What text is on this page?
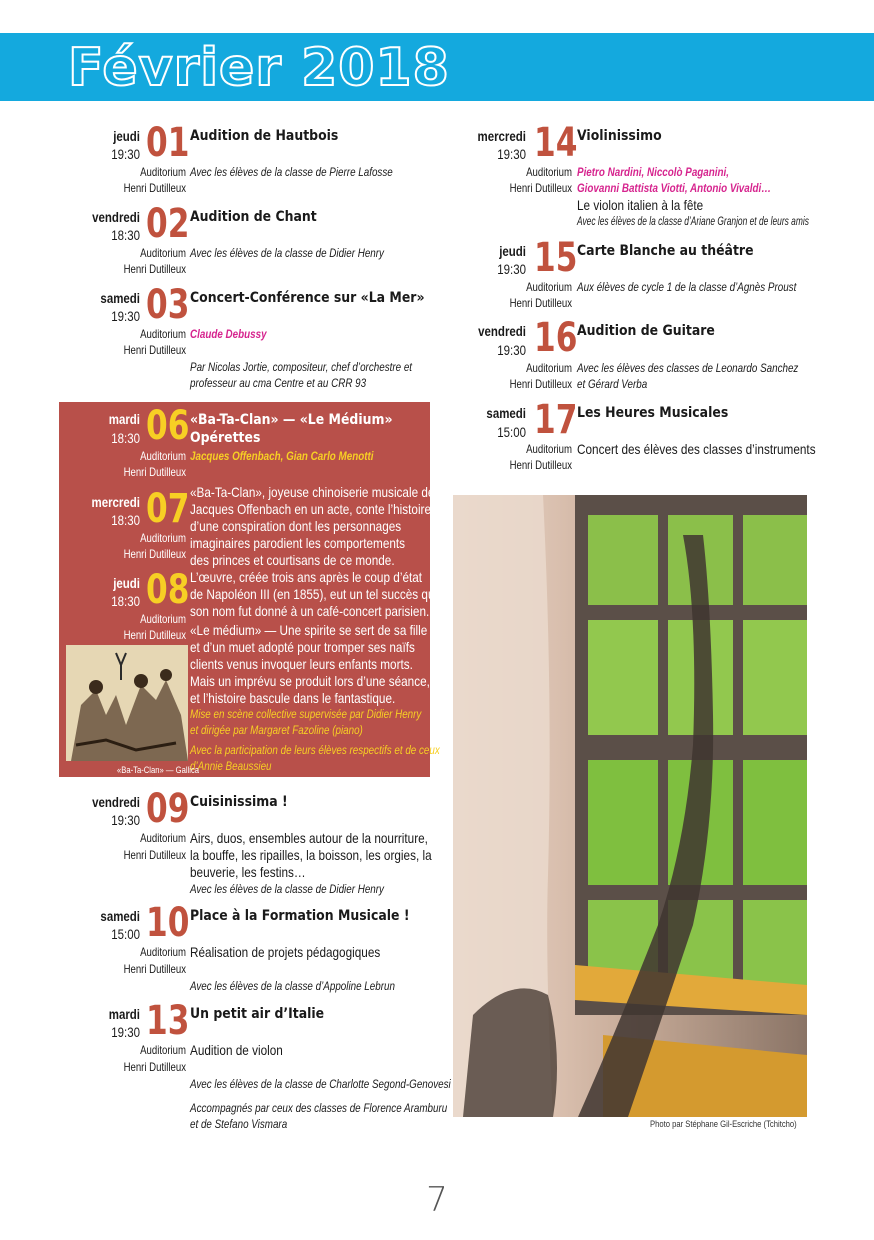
Février 2018
jeudi
19:30 01 Audition de Hautbois
Auditorium
Henri Dutilleux
Avec les élèves de la classe de Pierre Lafosse
vendredi
18:30 02 Audition de Chant
Auditorium
Henri Dutilleux
Avec les élèves de la classe de Didier Henry
samedi
19:30 03 Concert-Conférence sur «La Mer»
Auditorium
Henri Dutilleux
Claude Debussy
Par Nicolas Jortie, compositeur, chef d’orchestre et
professeur au cma Centre et au CRR 93
mardi
18:30 06 «Ba-Ta-Clan» — «Le Médium»
Opérettes
Auditorium
Henri Dutilleux
Jacques Offenbach, Gian Carlo Menotti
mercredi
18:30 07
Auditorium
Henri Dutilleux
jeudi
18:30 08
Auditorium
Henri Dutilleux
«Ba-Ta-Clan», joyeuse chinoiserie musicale de
Jacques Offenbach en un acte, conte l’histoire
d’une conspiration dont les personnages
imaginaires parodient les comportements
des princes et courtisans de ce monde.
L’œuvre, créée trois ans après le coup d’état
de Napoléon III (en 1855), eut un tel succès que
son nom fut donné à un café-concert parisien.
«Le médium» — Une spirite se sert de sa fille
et d’un muet adopté pour tromper ses naïfs
clients venus invoquer leurs enfants morts.
Mais un imprévu se produit lors d’une séance,
et l’histoire bascule dans le fantastique.
Mise en scène collective supervisée par Didier Henry
et dirigée par Margaret Fazoline (piano)
Avec la participation de leurs élèves respectifs et de ceux
d’Annie Beaussieu
«Ba-Ta-Clan» — Gallica
vendredi
19:30 09 Cuisinissima !
Auditorium
Henri Dutilleux
Airs, duos, ensembles autour de la nourriture,
la bouffe, les ripailles, la boisson, les orgies, la
beuverie, les festins…
Avec les élèves de la classe de Didier Henry
samedi
15:00 10 Place à la Formation Musicale !
Auditorium
Henri Dutilleux
Réalisation de projets pédagogiques
Avec les élèves de la classe d’Appoline Lebrun
mardi
19:30 13 Un petit air d’Italie
Auditorium
Henri Dutilleux
Audition de violon
Avec les élèves de la classe de Charlotte Segond-Genovesi
Accompagnés par ceux des classes de Florence Aramburu
et de Stefano Vismara
mercredi
19:30 14 Violinissimo
Auditorium
Henri Dutilleux
Pietro Nardini, Niccolò Paganini,
Giovanni Battista Viotti, Antonio Vivaldi…
Le violon italien à la fête
Avec les élèves de la classe d’Ariane Granjon et de leurs amis
jeudi
19:30 15 Carte Blanche au théâtre
Auditorium
Henri Dutilleux
Aux élèves de cycle 1 de la classe d’Agnès Proust
vendredi
19:30 16 Audition de Guitare
Auditorium
Henri Dutilleux
Avec les élèves des classes de Leonardo Sanchez
et Gérard Verba
samedi
15:00 17 Les Heures Musicales
Auditorium
Henri Dutilleux
Concert des élèves des classes d’instruments
Photo par Stéphane Gil-Escriche (Tchitcho)
7
